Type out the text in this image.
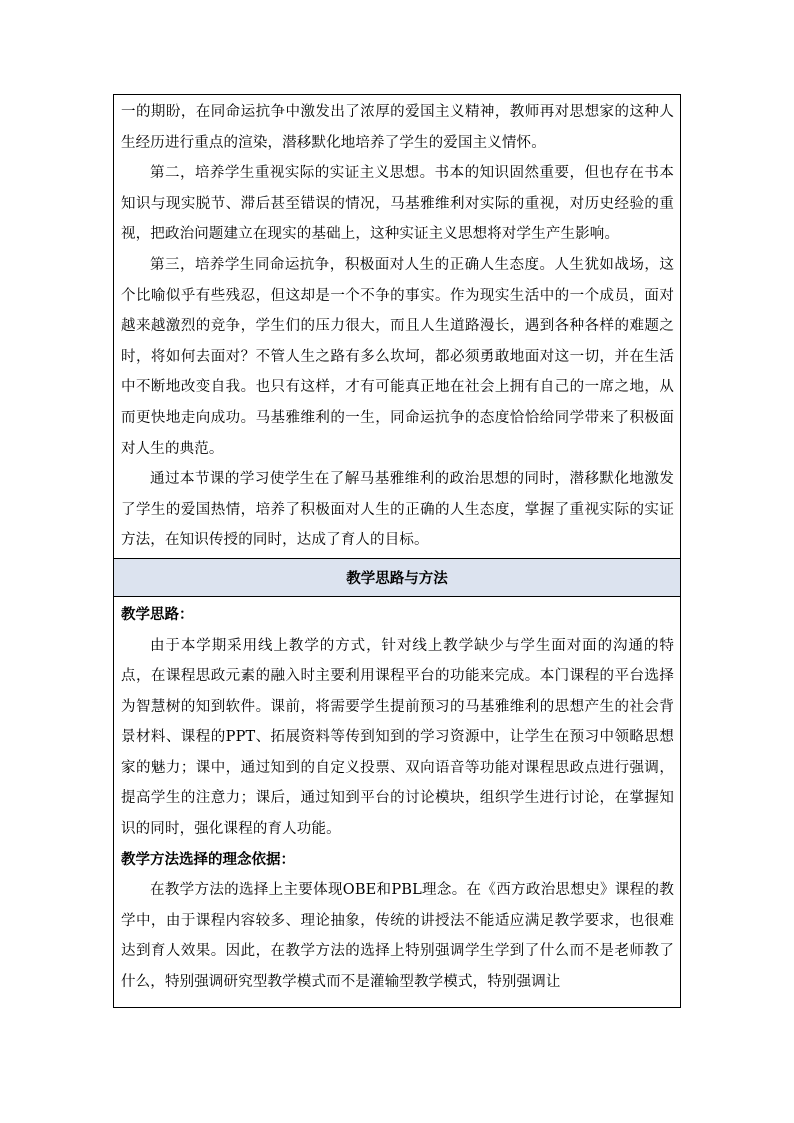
一的期盼，在同命运抗争中激发出了浓厚的爱国主义精神，教师再对思想家的这种人生经历进行重点的渲染，潜移默化地培养了学生的爱国主义情怀。

第二，培养学生重视实际的实证主义思想。书本的知识固然重要，但也存在书本知识与现实脱节、滞后甚至错误的情况，马基雅维利对实际的重视，对历史经验的重视，把政治问题建立在现实的基础上，这种实证主义思想将对学生产生影响。

第三，培养学生同命运抗争，积极面对人生的正确人生态度。人生犹如战场，这个比喻似乎有些残忍，但这却是一个不争的事实。作为现实生活中的一个成员，面对越来越激烈的竞争，学生们的压力很大，而且人生道路漫长，遇到各种各样的难题之时，将如何去面对？不管人生之路有多么坎坷，都必须勇敢地面对这一切，并在生活中不断地改变自我。也只有这样，才有可能真正地在社会上拥有自己的一席之地，从而更快地走向成功。马基雅维利的一生，同命运抗争的态度恰恰给同学带来了积极面对人生的典范。

通过本节课的学习使学生在了解马基雅维利的政治思想的同时，潜移默化地激发了学生的爱国热情，培养了积极面对人生的正确的人生态度，掌握了重视实际的实证方法，在知识传授的同时，达成了育人的目标。

教学思路与方法

教学思路：

由于本学期采用线上教学的方式，针对线上教学缺少与学生面对面的沟通的特点，在课程思政元素的融入时主要利用课程平台的功能来完成。本门课程的平台选择为智慧树的知到软件。课前，将需要学生提前预习的马基雅维利的思想产生的社会背景材料、课程的PPT、拓展资料等传到知到的学习资源中，让学生在预习中领略思想家的魅力；课中，通过知到的自定义投票、双向语音等功能对课程思政点进行强调，提高学生的注意力；课后，通过知到平台的讨论模块，组织学生进行讨论，在掌握知识的同时，强化课程的育人功能。

教学方法选择的理念依据：

在教学方法的选择上主要体现OBE和PBL理念。在《西方政治思想史》课程的教学中，由于课程内容较多、理论抽象，传统的讲授法不能适应满足教学要求，也很难达到育人效果。因此，在教学方法的选择上特别强调学生学到了什么而不是老师教了什么，特别强调研究型教学模式而不是灌输型教学模式，特别强调让
